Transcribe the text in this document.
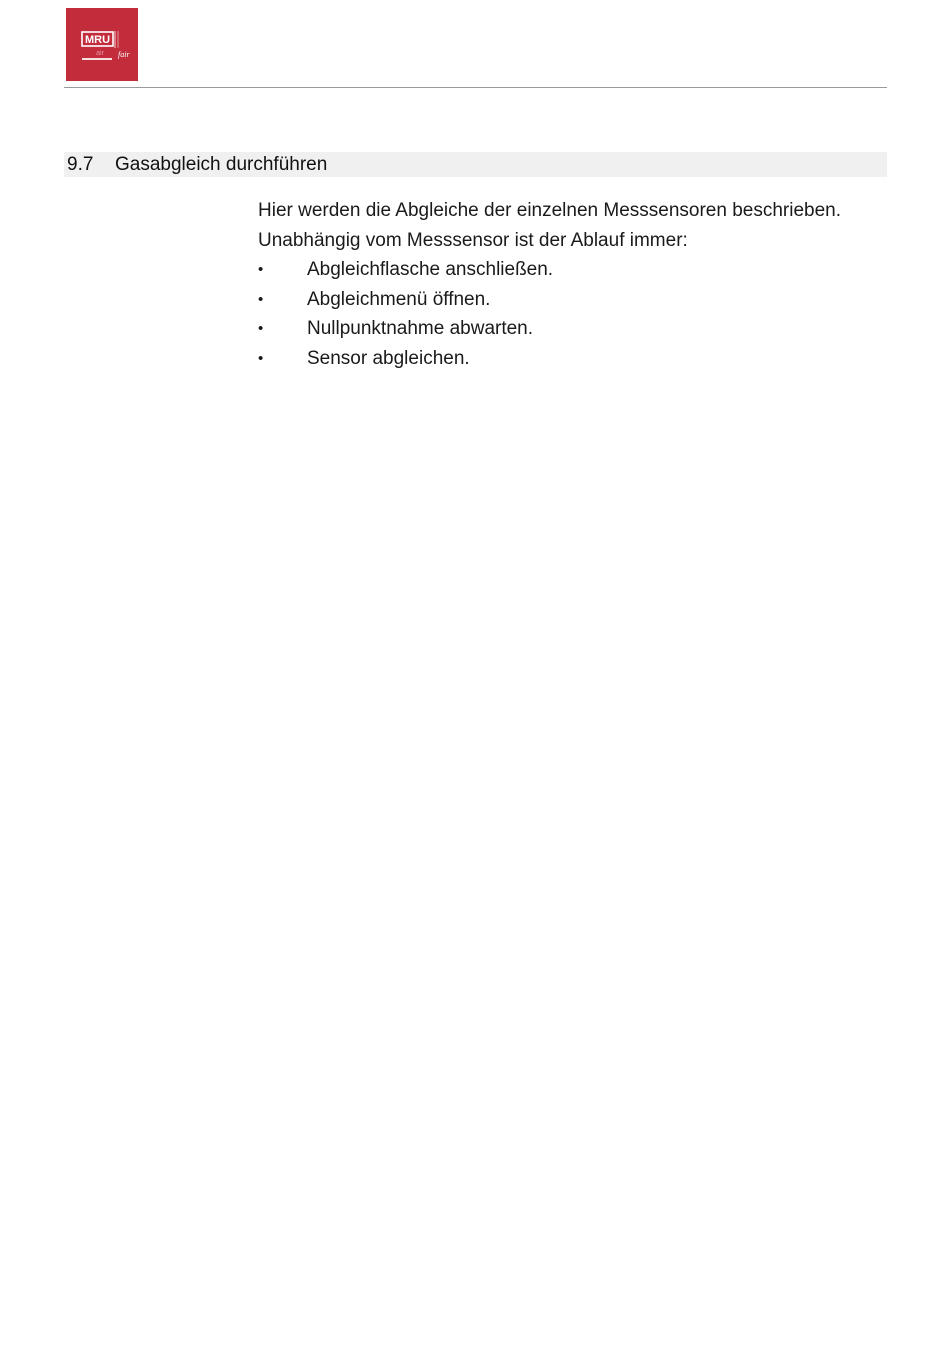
MRU
air fair
9.7 Gasabgleich durchführen

Hier werden die Abgleiche der einzelnen Messsensoren beschrieben.

Unabhängig vom Messsensor ist der Ablauf immer:

• Abgleichflasche anschließen.
• Abgleichmenü öffnen.
• Nullpunktnahme abwarten.
• Sensor abgleichen.
